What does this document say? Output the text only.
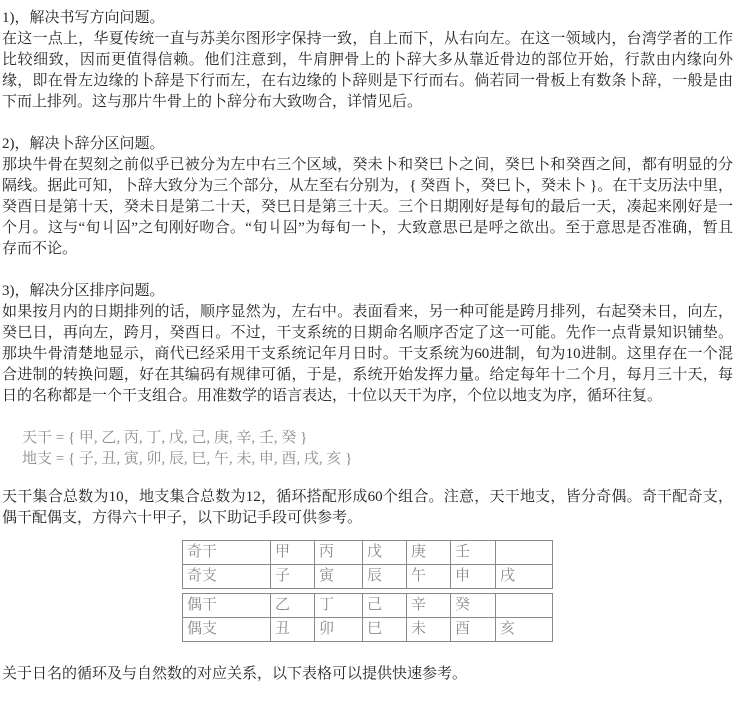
1)，解决书写方向问题。
在这一点上，华夏传统一直与苏美尔图形字保持一致，自上而下，从右向左。在这一领域内，台湾学者的工作比较细致，因而更值得信赖。他们注意到，牛肩胛骨上的卜辞大多从靠近骨边的部位开始，行款由内缘向外缘，即在骨左边缘的卜辞是下行而左，在右边缘的卜辞则是下行而右。倘若同一骨板上有数条卜辞，一般是由下而上排列。这与那片牛骨上的卜辞分布大致吻合，详情见后。
2)，解决卜辞分区问题。
那块牛骨在契刻之前似乎已被分为左中右三个区域，癸未卜和癸巳卜之间，癸巳卜和癸酉之间，都有明显的分隔线。据此可知，卜辞大致分为三个部分，从左至右分别为，{ 癸酉卜，癸巳卜，癸未卜 }。在干支历法中里，癸酉日是第十天，癸未日是第二十天，癸巳日是第三十天。三个日期刚好是每旬的最后一天，凑起来刚好是一个月。这与“旬丩囜”之旬刚好吻合。“旬丩囜”为每旬一卜，大致意思已是呼之欲出。至于意思是否准确，暂且存而不论。
3)，解决分区排序问题。
如果按月内的日期排列的话，顺序显然为，左右中。表面看来，另一种可能是跨月排列，右起癸未日，向左，癸巳日，再向左，跨月，癸酉日。不过，干支系统的日期命名顺序否定了这一可能。先作一点背景知识铺垫。那块牛骨清楚地显示，商代已经采用干支系统记年月日时。干支系统为60进制，旬为10进制。这里存在一个混合进制的转换问题，好在其编码有规律可循，于是，系统开始发挥力量。给定每年十二个月，每月三十天，每日的名称都是一个干支组合。用准数学的语言表达，十位以天干为序，个位以地支为序，循环往复。
天干 = { 甲, 乙, 丙, 丁, 戊, 己, 庚, 辛, 壬, 癸 }
地支 = { 子, 丑, 寅, 卯, 辰, 巳, 午, 未, 申, 酉, 戌, 亥 }
天干集合总数为10，地支集合总数为12，循环搭配形成60个组合。注意，天干地支，皆分奇偶。奇干配奇支，偶干配偶支，方得六十甲子，以下助记手段可供参考。
奇干	甲	丙	戊	庚	壬	
奇支	子	寅	辰	午	申	戌
偶干	乙	丁	己	辛	癸	
偶支	丑	卯	巳	未	酉	亥
关于日名的循环及与自然数的对应关系，以下表格可以提供快速参考。
